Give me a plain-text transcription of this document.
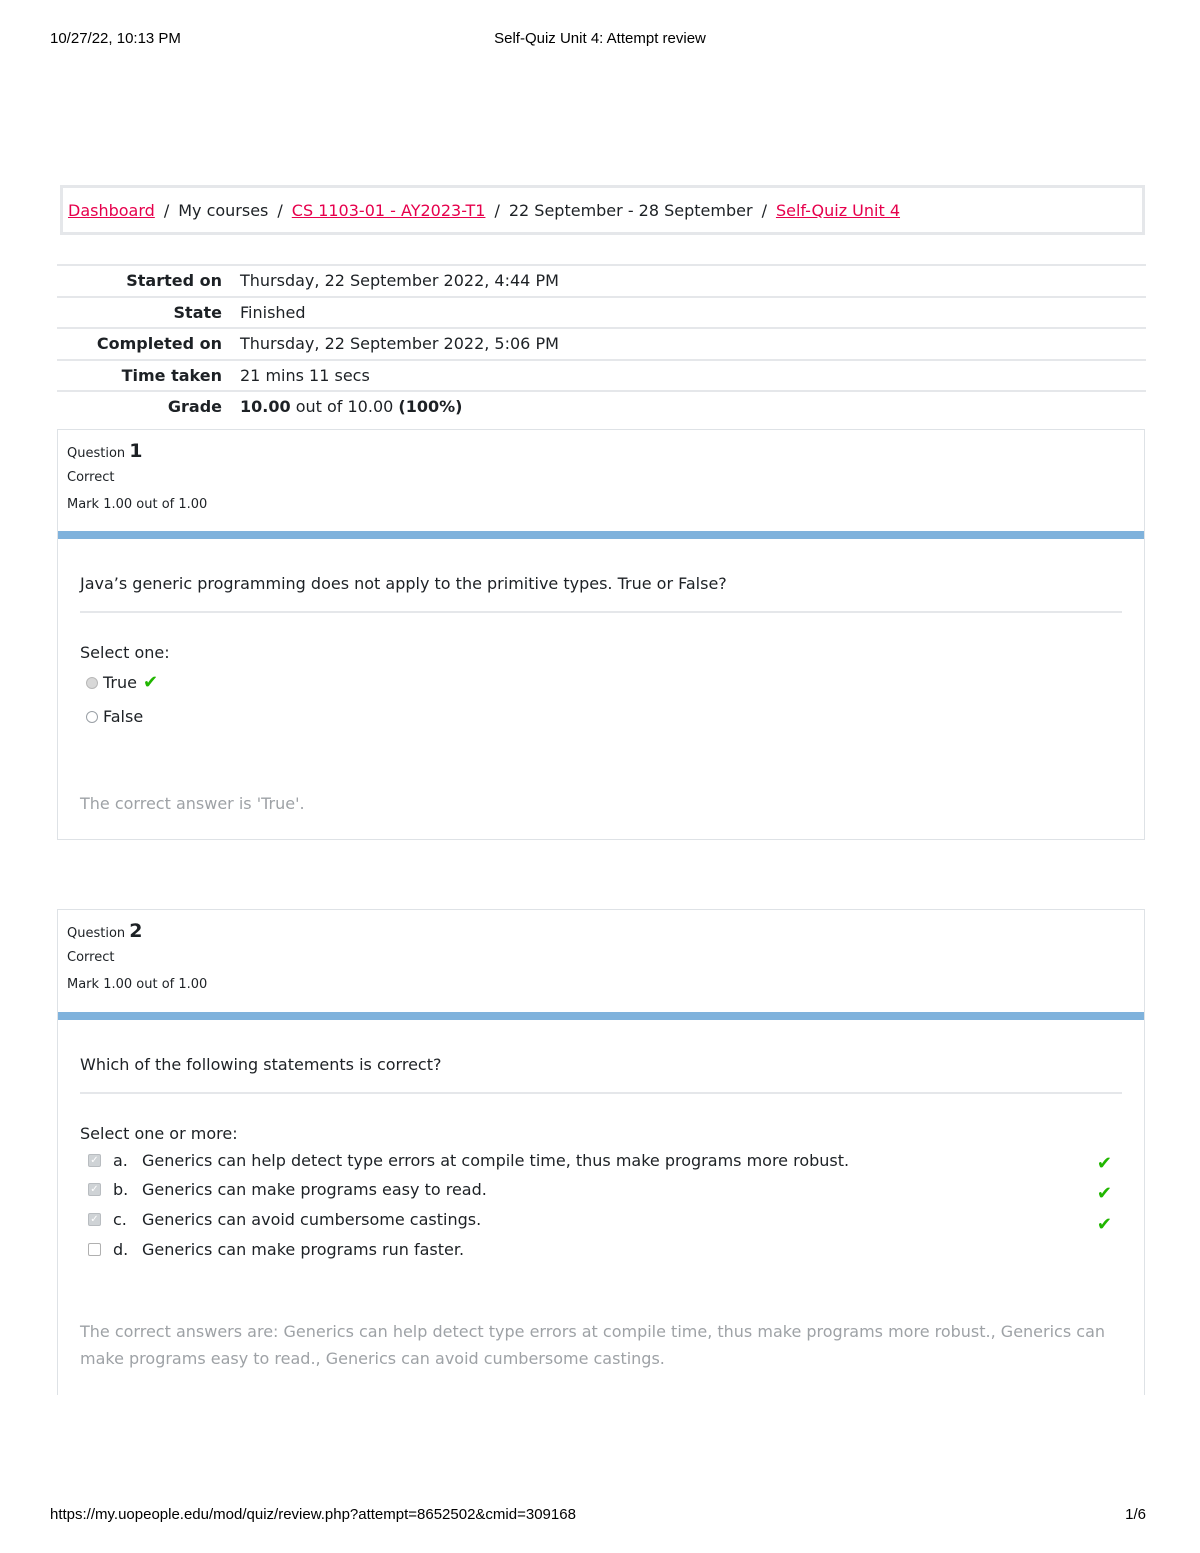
10/27/22, 10:13 PM	Self-Quiz Unit 4: Attempt review
Dashboard / My courses / CS 1103-01 - AY2023-T1 / 22 September - 28 September / Self-Quiz Unit 4
Started on	Thursday, 22 September 2022, 4:44 PM
State	Finished
Completed on	Thursday, 22 September 2022, 5:06 PM
Time taken	21 mins 11 secs
Grade	10.00 out of 10.00 (100%)
Question 1
Correct
Mark 1.00 out of 1.00
Java’s generic programming does not apply to the primitive types. True or False?
Select one:
True ✔
False
The correct answer is 'True'.
Question 2
Correct
Mark 1.00 out of 1.00
Which of the following statements is correct?
Select one or more:
✓ a. Generics can help detect type errors at compile time, thus make programs more robust.
✓ b. Generics can make programs easy to read.
✓ c. Generics can avoid cumbersome castings.
d. Generics can make programs run faster.
✔
✔
✔
The correct answers are: Generics can help detect type errors at compile time, thus make programs more robust., Generics can make programs easy to read., Generics can avoid cumbersome castings.
https://my.uopeople.edu/mod/quiz/review.php?attempt=8652502&cmid=309168	1/6
